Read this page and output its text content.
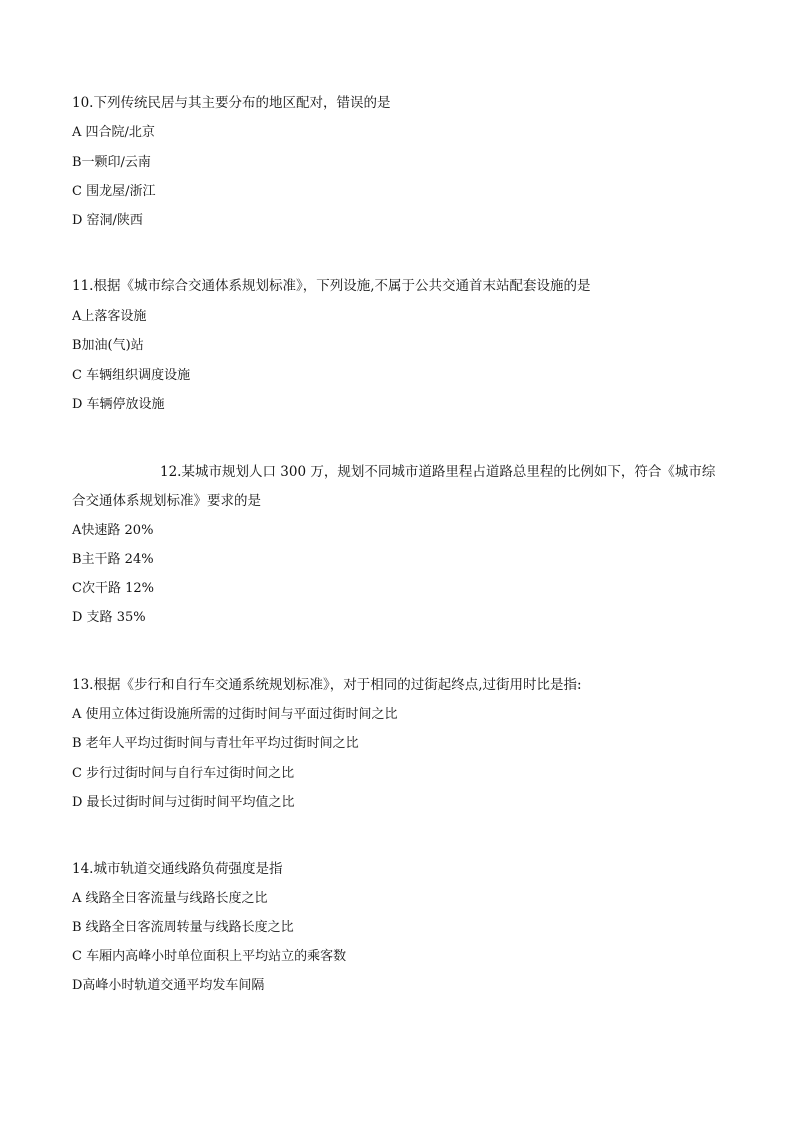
10.下列传统民居与其主要分布的地区配对，错误的是
A 四合院/北京
B一颗印/云南
C 围龙屋/浙江
D 窑洞/陕西
11.根据《城市综合交通体系规划标准》，下列设施,不属于公共交通首末站配套设施的是
A上落客设施
B加油(气)站
C 车辆组织调度设施
D 车辆停放设施
12.某城市规划人口 300 万，规划不同城市道路里程占道路总里程的比例如下，符合《城市综
合交通体系规划标准》要求的是
A快速路 20%
B主干路 24%
C次干路 12%
D 支路 35%
13.根据《步行和自行车交通系统规划标准》，对于相同的过街起终点,过街用时比是指:
A 使用立体过街设施所需的过街时间与平面过街时间之比
B 老年人平均过街时间与青壮年平均过街时间之比
C 步行过街时间与自行车过街时间之比
D 最长过街时间与过街时间平均值之比
14.城市轨道交通线路负荷强度是指
A 线路全日客流量与线路长度之比
B 线路全日客流周转量与线路长度之比
C 车厢内高峰小时单位面积上平均站立的乘客数
D高峰小时轨道交通平均发车间隔
